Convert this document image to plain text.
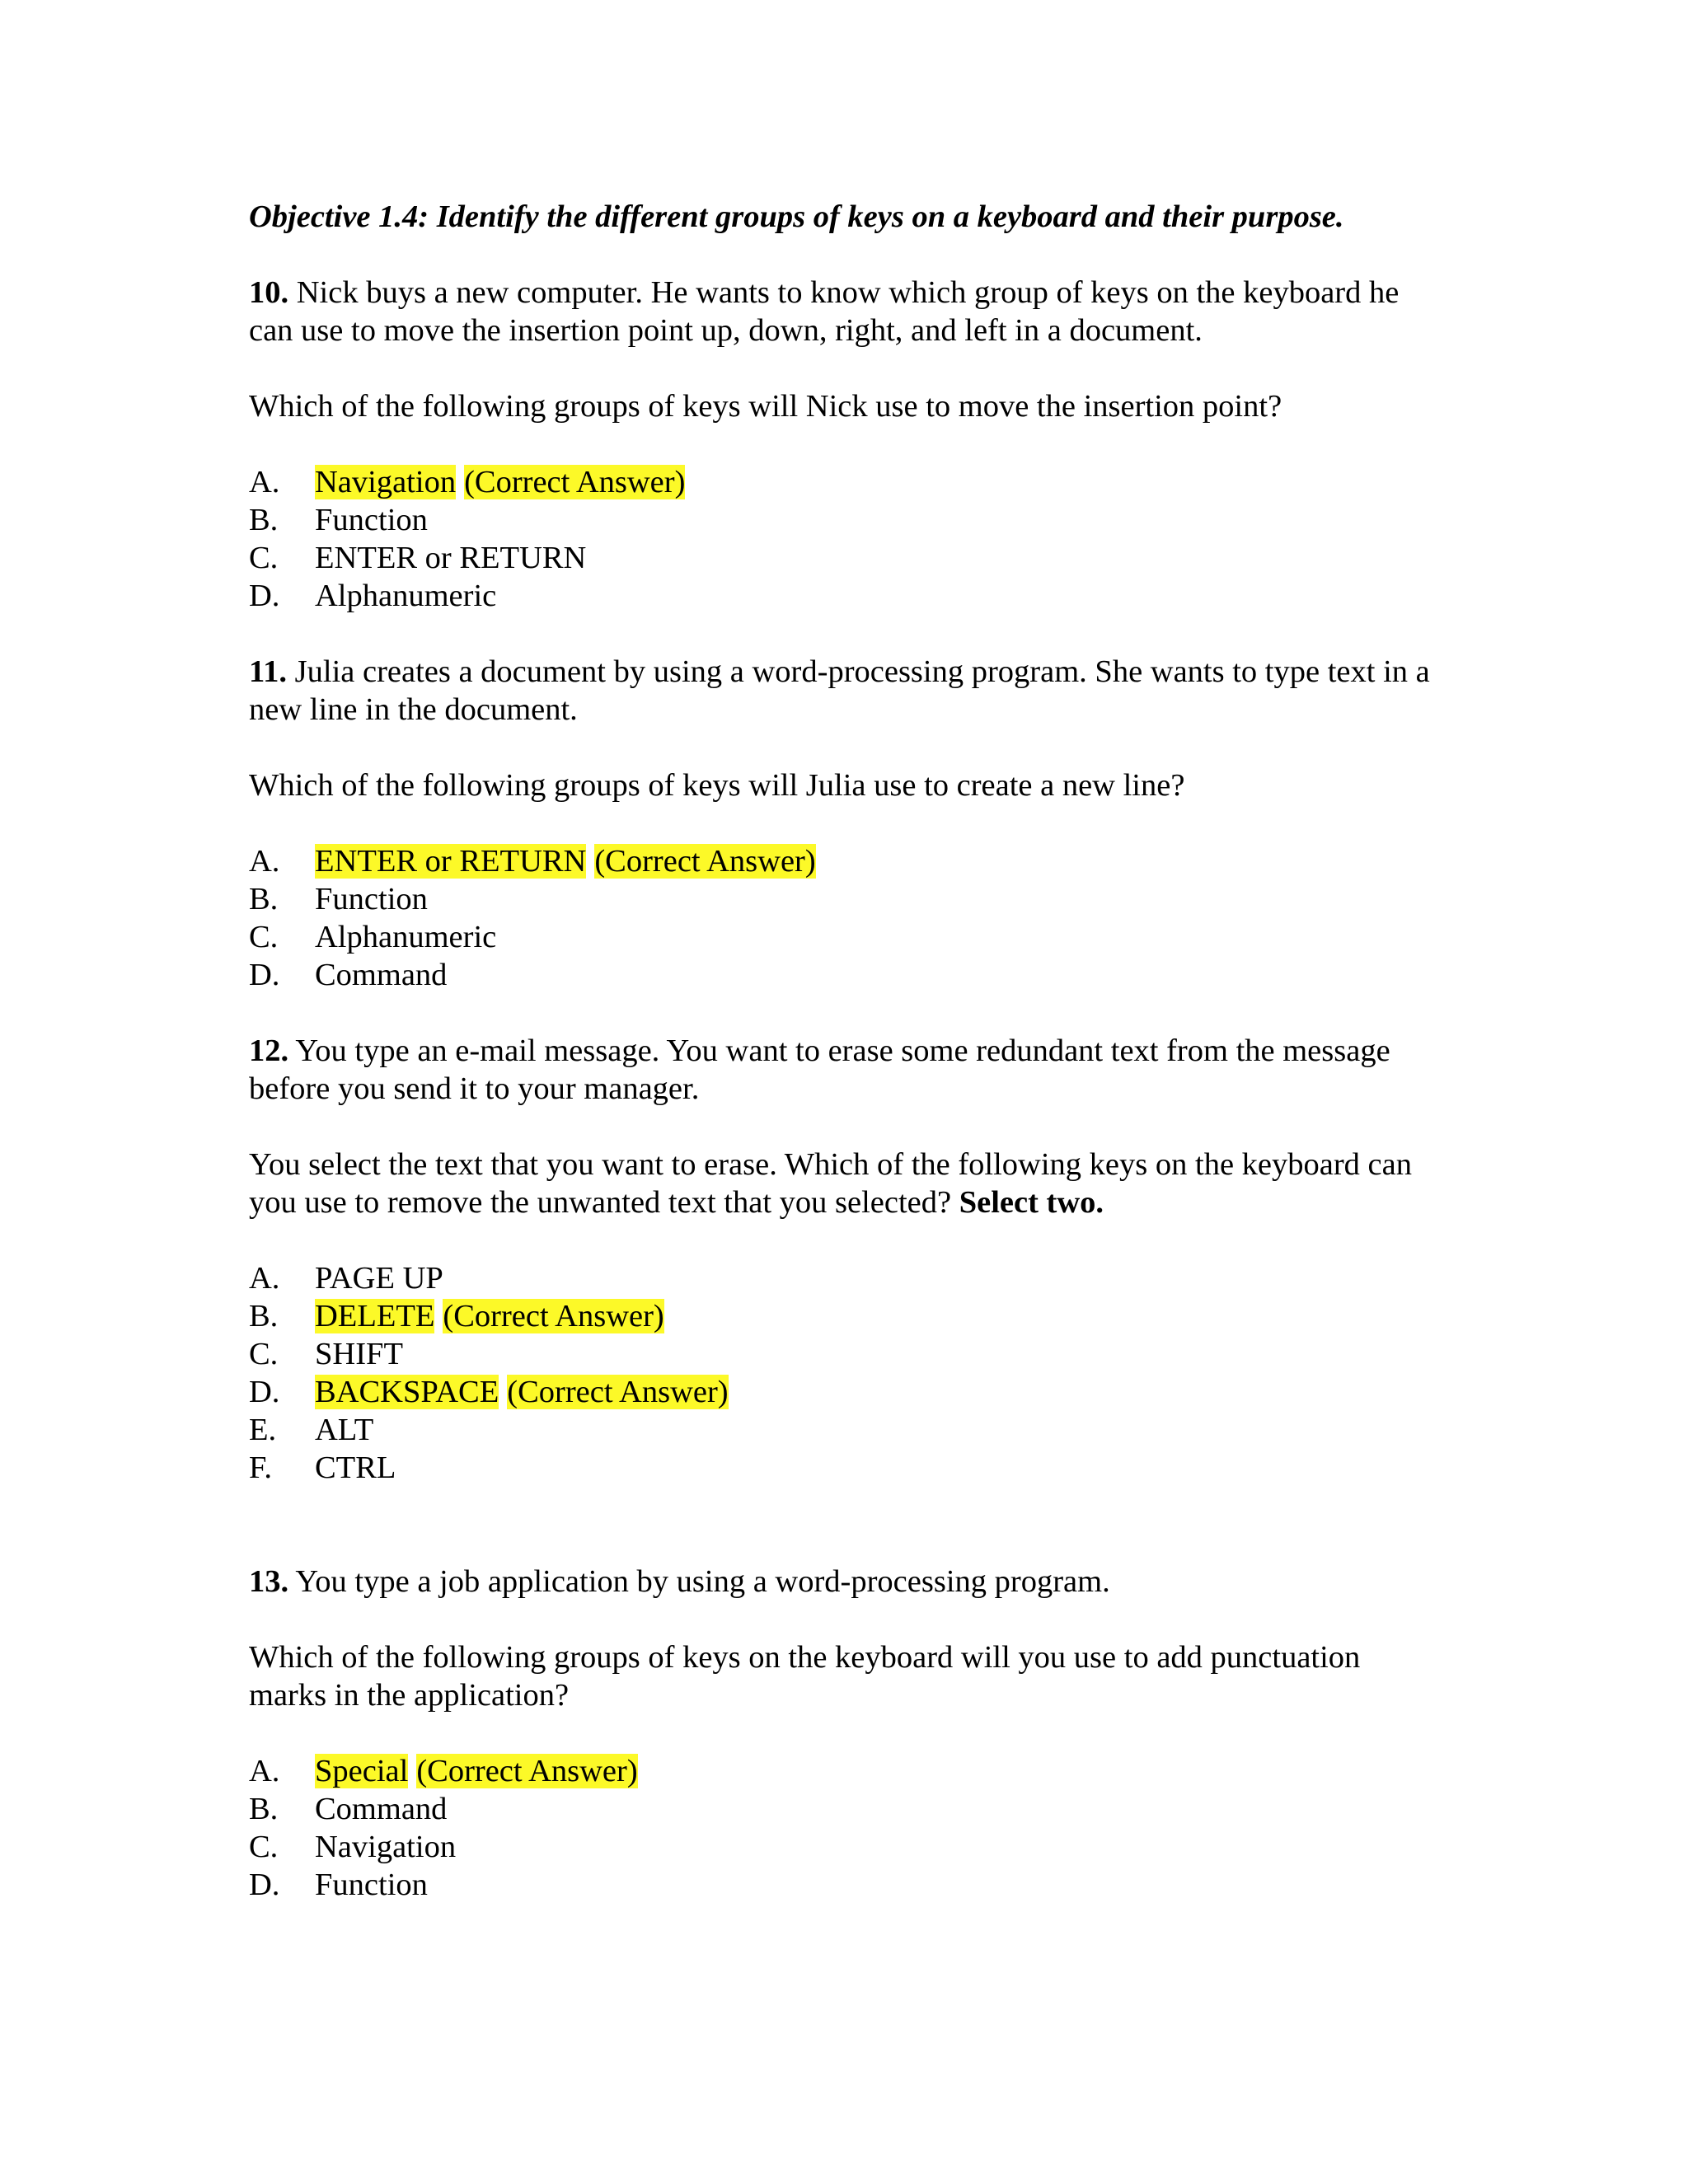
Objective 1.4: Identify the different groups of keys on a keyboard and their purpose.

10. Nick buys a new computer. He wants to know which group of keys on the keyboard he can use to move the insertion point up, down, right, and left in a document.

Which of the following groups of keys will Nick use to move the insertion point?

A.	Navigation (Correct Answer)
B.	Function
C.	ENTER or RETURN
D.	Alphanumeric

11. Julia creates a document by using a word-processing program. She wants to type text in a new line in the document.

Which of the following groups of keys will Julia use to create a new line?

A.	ENTER or RETURN (Correct Answer)
B.	Function
C.	Alphanumeric
D.	Command

12. You type an e-mail message. You want to erase some redundant text from the message before you send it to your manager.

You select the text that you want to erase. Which of the following keys on the keyboard can you use to remove the unwanted text that you selected? Select two.

A.	PAGE UP
B.	DELETE (Correct Answer)
C.	SHIFT
D.	BACKSPACE (Correct Answer)
E.	ALT
F.	CTRL

13. You type a job application by using a word-processing program.

Which of the following groups of keys on the keyboard will you use to add punctuation marks in the application?

A.	Special (Correct Answer)
B.	Command
C.	Navigation
D.	Function
